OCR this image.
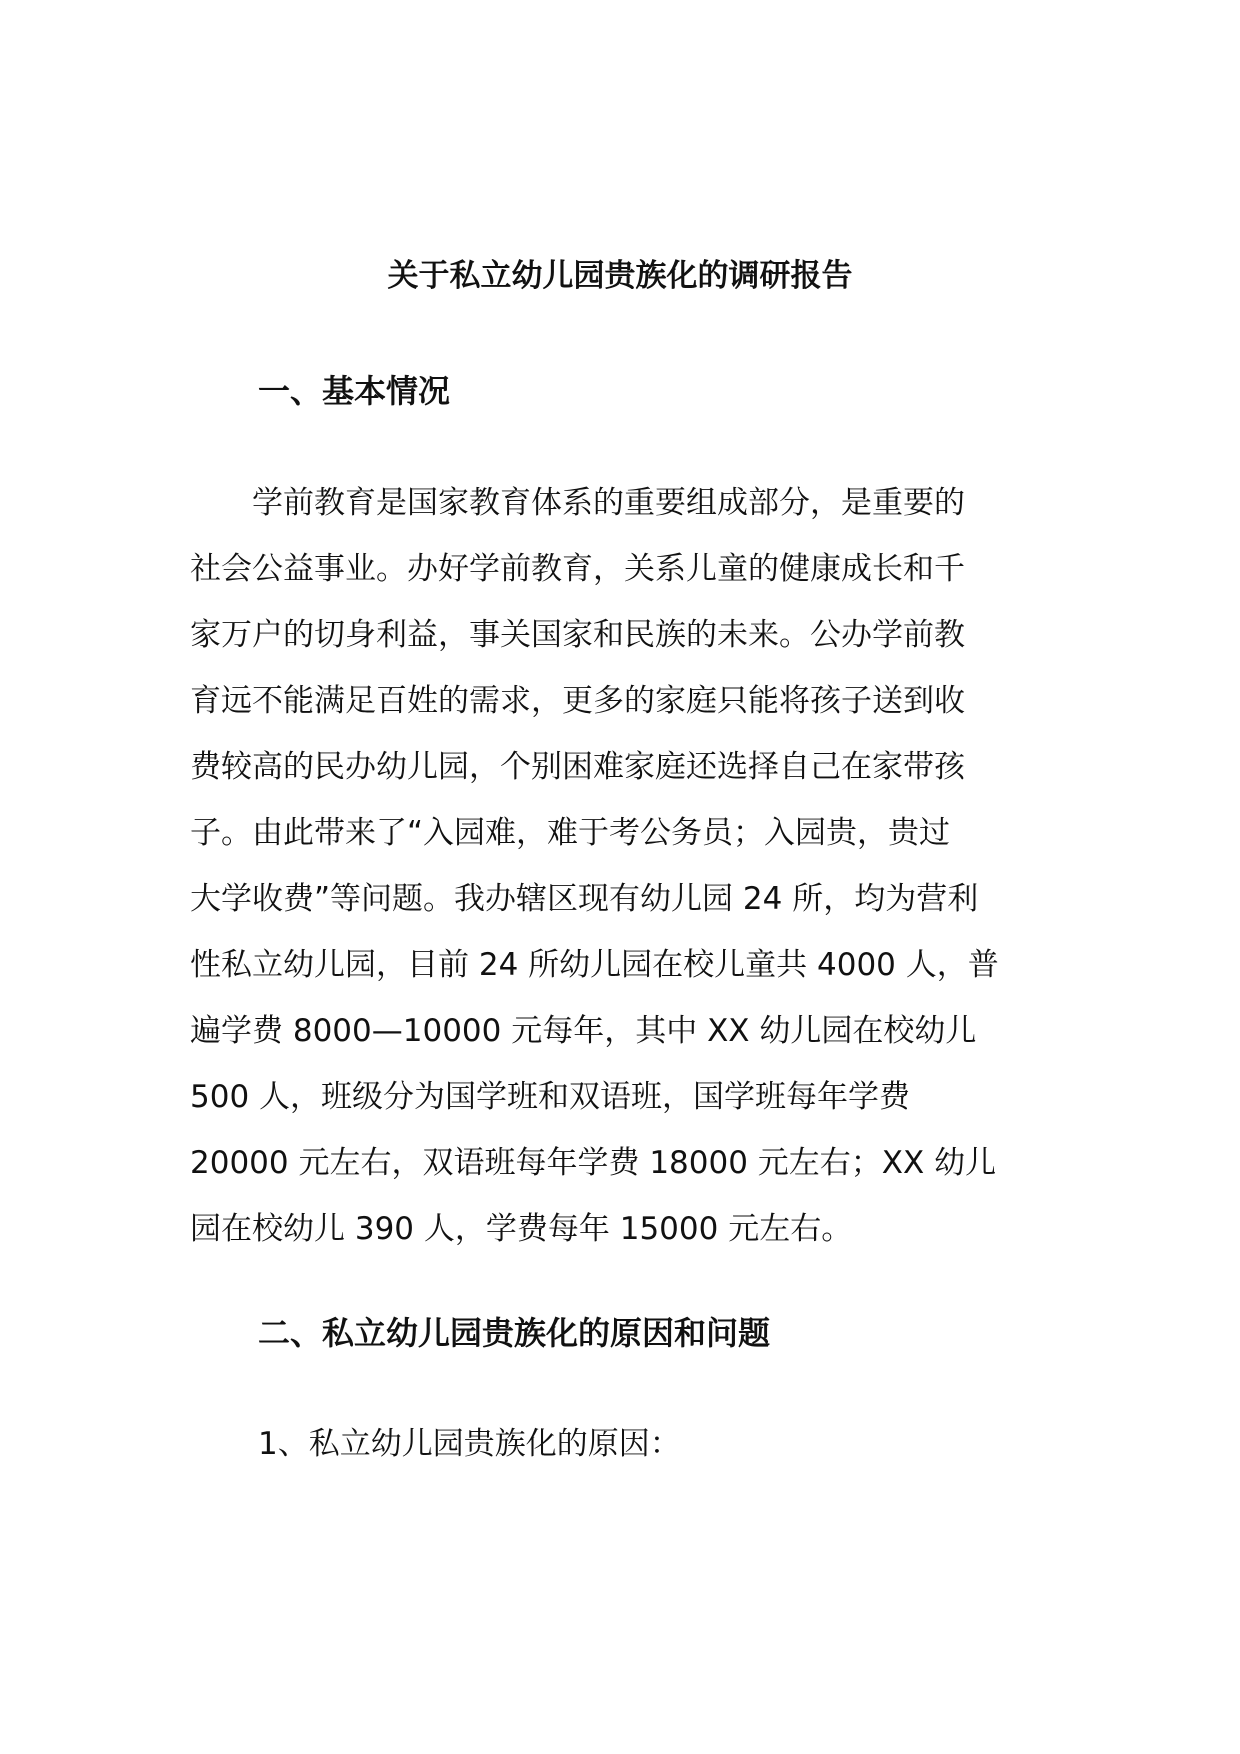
关于私立幼儿园贵族化的调研报告
一、基本情况
　　学前教育是国家教育体系的重要组成部分，是重要的
社会公益事业。办好学前教育，关系儿童的健康成长和千
家万户的切身利益，事关国家和民族的未来。公办学前教
育远不能满足百姓的需求，更多的家庭只能将孩子送到收
费较高的民办幼儿园，个别困难家庭还选择自己在家带孩
子。由此带来了“入园难，难于考公务员；入园贵，贵过
大学收费”等问题。我办辖区现有幼儿园 24 所，均为营利
性私立幼儿园，目前 24 所幼儿园在校儿童共 4000 人，普
遍学费 8000—10000 元每年，其中 XX 幼儿园在校幼儿
500 人，班级分为国学班和双语班，国学班每年学费
20000 元左右，双语班每年学费 18000 元左右；XX 幼儿
园在校幼儿 390 人，学费每年 15000 元左右。
二、私立幼儿园贵族化的原因和问题
1、私立幼儿园贵族化的原因：
